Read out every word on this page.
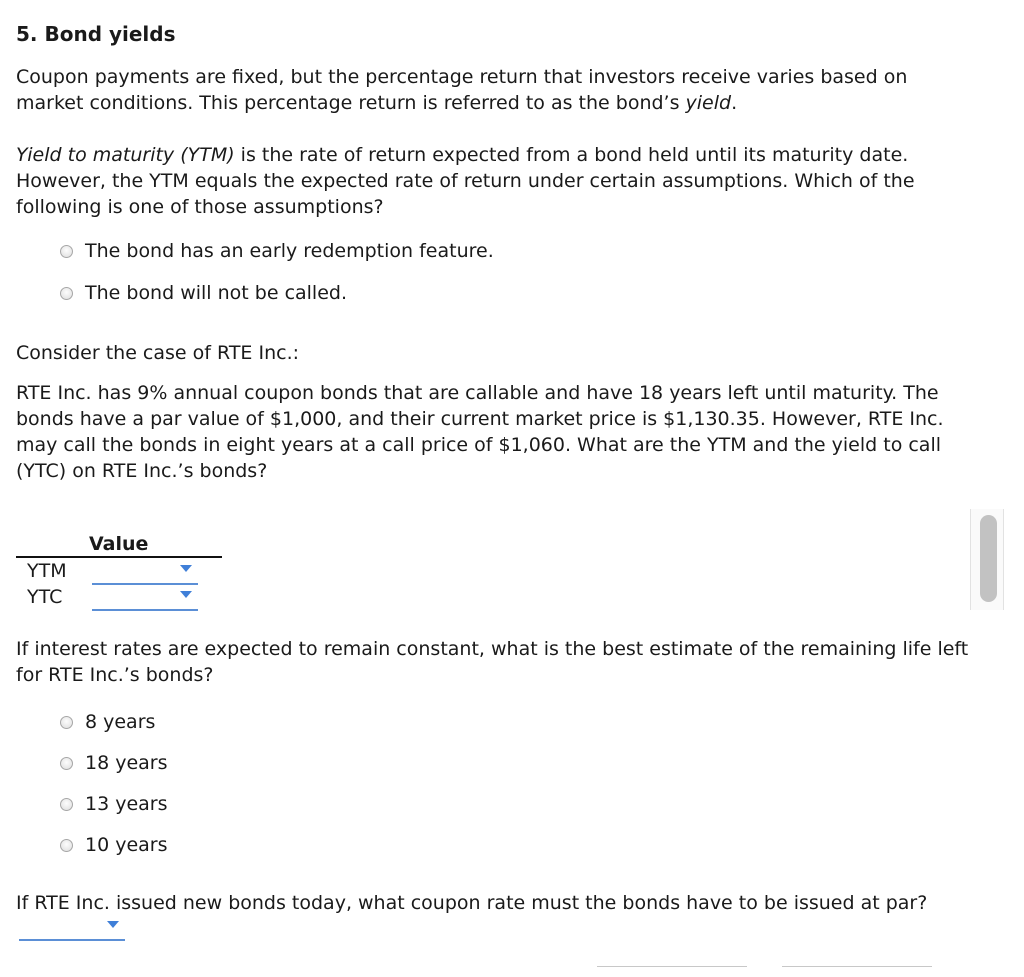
5. Bond yields
Coupon payments are fixed, but the percentage return that investors receive varies based on
market conditions. This percentage return is referred to as the bond’s yield.
Yield to maturity (YTM) is the rate of return expected from a bond held until its maturity date.
However, the YTM equals the expected rate of return under certain assumptions. Which of the
following is one of those assumptions?
The bond has an early redemption feature.
The bond will not be called.
Consider the case of RTE Inc.:
RTE Inc. has 9% annual coupon bonds that are callable and have 18 years left until maturity. The
bonds have a par value of $1,000, and their current market price is $1,130.35. However, RTE Inc.
may call the bonds in eight years at a call price of $1,060. What are the YTM and the yield to call
(YTC) on RTE Inc.’s bonds?
Value
YTM
YTC
If interest rates are expected to remain constant, what is the best estimate of the remaining life left
for RTE Inc.’s bonds?
8 years
18 years
13 years
10 years
If RTE Inc. issued new bonds today, what coupon rate must the bonds have to be issued at par?
